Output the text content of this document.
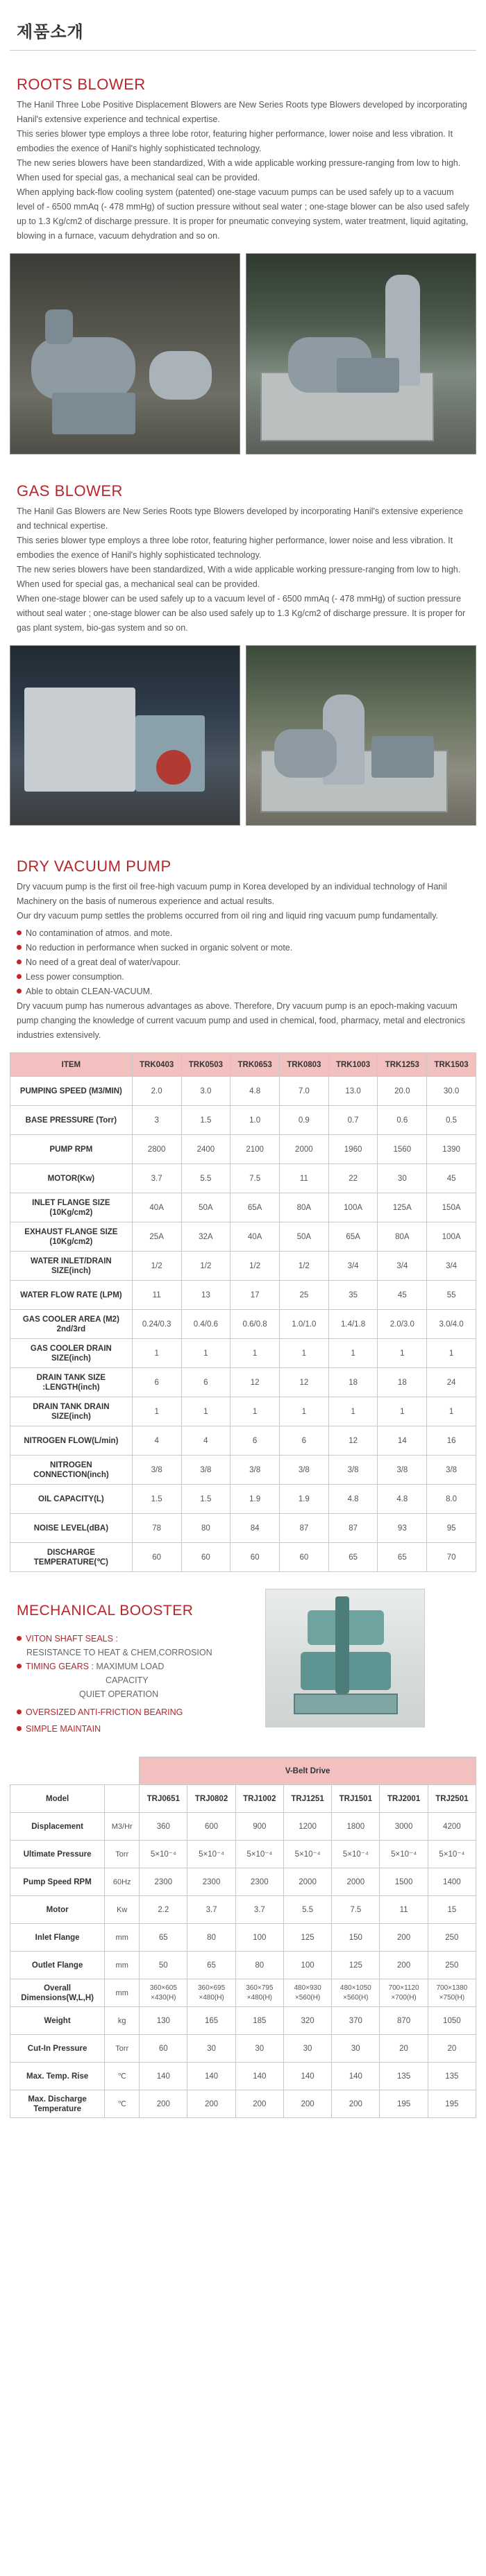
제품소개
ROOTS BLOWER

The Hanil Three Lobe Positive Displacement Blowers are New Series Roots type Blowers developed by incorporating Hanil's extensive experience and technical expertise.

This series blower type employs a three lobe rotor, featuring higher performance, lower noise and less vibration. It embodies the exence of Hanil's highly sophisticated technology.

The new series blowers have been standardized, With a wide applicable working pressure-ranging from low to high. When used for special gas, a mechanical seal can be provided.

When applying back-flow cooling system (patented) one-stage vacuum pumps can be used safely up to a vacuum level of - 6500 mmAq (- 478 mmHg) of suction pressure without seal water ; one-stage blower can be also used safely up to 1.3 Kg/cm2 of discharge pressure. It is proper for pneumatic conveying system, water treatment, liquid agitating, blowing in a furnace, vacuum dehydration and so on.

GAS BLOWER

The Hanil Gas Blowers are New Series Roots type Blowers developed by incorporating Hanil's extensive experience and technical expertise.

This series blower type employs a three lobe rotor, featuring higher performance, lower noise and less vibration. It embodies the exence of Hanil's highly sophisticated technology.

The new series blowers have been standardized, With a wide applicable working pressure-ranging from low to high. When used for special gas, a mechanical seal can be provided.

When one-stage blower can be used safely up to a vacuum level of - 6500 mmAq (- 478 mmHg) of suction pressure without seal water ; one-stage blower can be also used safely up to 1.3 Kg/cm2 of discharge pressure. It is proper for gas plant system, bio-gas system and so on.

DRY VACUUM PUMP

Dry vacuum pump is the first oil free-high vacuum pump in Korea developed by an individual technology of Hanil Machinery on the basis of numerous experience and actual results.

Our dry vacuum pump settles the problems occurred from oil ring and liquid ring vacuum pump fundamentally.

No contamination of atmos. and mote.
No reduction in performance when sucked in organic solvent or mote.
No need of a great deal of water/vapour.
Less power consumption.
Able to obtain CLEAN-VACUUM.

Dry vacuum pump has numerous advantages as above. Therefore, Dry vacuum pump is an epoch-making vacuum pump changing the knowledge of current vacuum pump and used in chemical, food, pharmacy, metal and electronics industries extensively.

ITEM	TRK0403	TRK0503	TRK0653	TRK0803	TRK1003	TRK1253	TRK1503
PUMPING SPEED (M3/MIN)	2.0	3.0	4.8	7.0	13.0	20.0	30.0
BASE PRESSURE (Torr)	3	1.5	1.0	0.9	0.7	0.6	0.5
PUMP RPM	2800	2400	2100	2000	1960	1560	1390
MOTOR(Kw)	3.7	5.5	7.5	11	22	30	45
INLET FLANGE SIZE (10Kg/cm2)	40A	50A	65A	80A	100A	125A	150A
EXHAUST FLANGE SIZE (10Kg/cm2)	25A	32A	40A	50A	65A	80A	100A
WATER INLET/DRAIN SIZE(inch)	1/2	1/2	1/2	1/2	3/4	3/4	3/4
WATER FLOW RATE (LPM)	11	13	17	25	35	45	55
GAS COOLER AREA (M2) 2nd/3rd	0.24/0.3	0.4/0.6	0.6/0.8	1.0/1.0	1.4/1.8	2.0/3.0	3.0/4.0
GAS COOLER DRAIN SIZE(inch)	1	1	1	1	1	1	1
DRAIN TANK SIZE :LENGTH(inch)	6	6	12	12	18	18	24
DRAIN TANK DRAIN SIZE(inch)	1	1	1	1	1	1	1
NITROGEN FLOW(L/min)	4	4	6	6	12	14	16
NITROGEN CONNECTION(inch)	3/8	3/8	3/8	3/8	3/8	3/8	3/8
OIL CAPACITY(L)	1.5	1.5	1.9	1.9	4.8	4.8	8.0
NOISE LEVEL(dBA)	78	80	84	87	87	93	95
DISCHARGE TEMPERATURE(℃)	60	60	60	60	65	65	70
MECHANICAL BOOSTER
VITON SHAFT SEALS :
RESISTANCE TO HEAT & CHEM,CORROSION
TIMING GEARS : MAXIMUM LOAD
CAPACITY
QUIET OPERATION
OVERSIZED ANTI-FRICTION BEARING
SIMPLE MAINTAIN
		V-Belt Drive						
Model		TRJ0651	TRJ0802	TRJ1002	TRJ1251	TRJ1501	TRJ2001	TRJ2501
Displacement	M3/Hr	360	600	900	1200	1800	3000	4200
Ultimate Pressure	Torr	5×10⁻⁴	5×10⁻⁴	5×10⁻⁴	5×10⁻⁴	5×10⁻⁴	5×10⁻⁴	5×10⁻⁴
Pump Speed RPM	60Hz	2300	2300	2300	2000	2000	1500	1400
Motor	Kw	2.2	3.7	3.7	5.5	7.5	11	15
Inlet Flange	mm	65	80	100	125	150	200	250
Outlet Flange	mm	50	65	80	100	125	200	250
Overall Dimensions(W,L,H)	mm	360×605 ×430(H)	360×695 ×480(H)	360×795 ×480(H)	480×930 ×560(H)	480×1050 ×560(H)	700×1120 ×700(H)	700×1380 ×750(H)
Weight	kg	130	165	185	320	370	870	1050
Cut-In Pressure	Torr	60	30	30	30	30	20	20
Max. Temp. Rise	℃	140	140	140	140	140	135	135
Max. Discharge Temperature	℃	200	200	200	200	200	195	195
